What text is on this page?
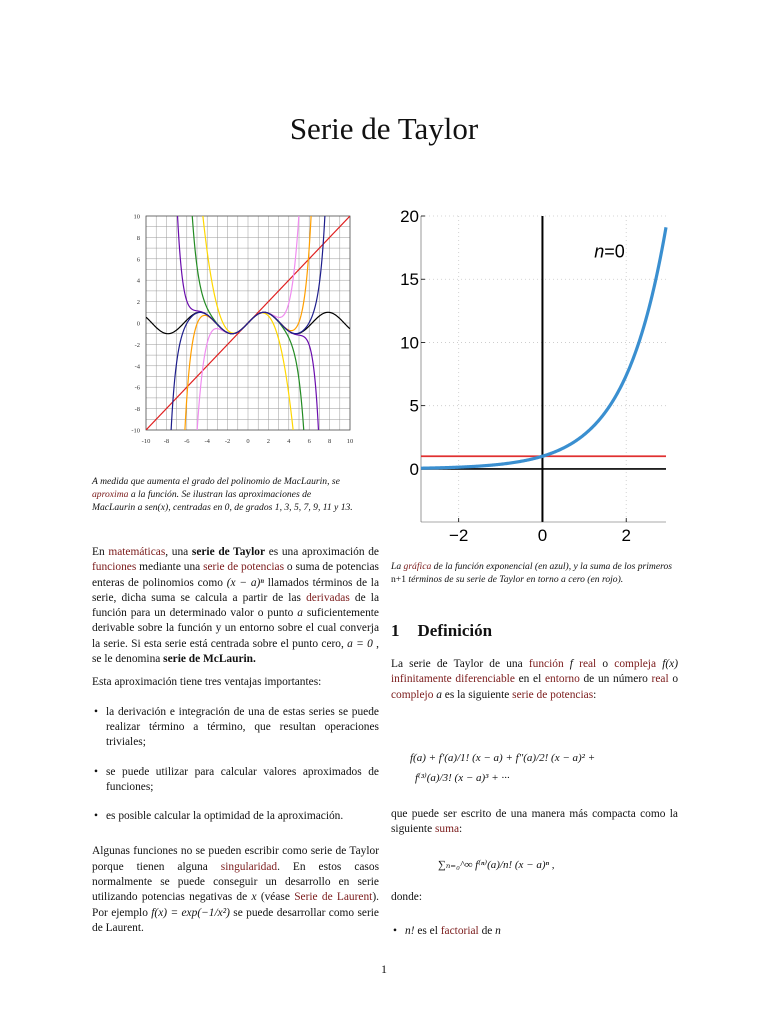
Serie de Taylor
-10 -8 -6 -4 -2 0	2	4	6	8 10
10
8
6
4
2
0
-2
-4
-6
-8
-10
−2	0	2
20
15
10
5
0
n=0
A medida que aumenta el grado del polinomio de MacLaurin, se aproxima a la función. Se ilustran las aproximaciones de MacLaurin a sen(x), centradas en 0, de grados 1, 3, 5, 7, 9, 11 y 13.

En matemáticas, una serie de Taylor es una aproximación de funciones mediante una serie de potencias o suma de potencias enteras de polinomios como (x − a)ⁿ llamados términos de la serie, dicha suma se calcula a partir de las derivadas de la función para un determinado valor o punto a suficientemente derivable sobre la función y un entorno sobre el cual converja la serie. Si esta serie está centrada sobre el punto cero, a = 0 , se le denomina serie de McLaurin.

Esta aproximación tiene tres ventajas importantes:

• la derivación e integración de una de estas series se puede realizar término a término, que resultan operaciones triviales;
• se puede utilizar para calcular valores aproximados de funciones;
• es posible calcular la optimidad de la aproximación.

Algunas funciones no se pueden escribir como serie de Taylor porque tienen alguna singularidad. En estos casos normalmente se puede conseguir un desarrollo en serie utilizando potencias negativas de x (véase Serie de Laurent). Por ejemplo f(x) = exp(−1/x²) se puede desarrollar como serie de Laurent.

La gráfica de la función exponencial (en azul), y la suma de los primeros n+1 términos de su serie de Taylor en torno a cero (en rojo).
1 Definición
La serie de Taylor de una función f real o compleja f(x) infinitamente diferenciable en el entorno de un número real o complejo a es la siguiente serie de potencias:
f(a) + f′(a)/1! (x − a) + f″(a)/2! (x − a)² +
f⁽³⁾(a)/3! (x − a)³ + ···
que puede ser escrito de una manera más compacta como la siguiente suma:
∑ₙ₌₀^∞ f⁽ⁿ⁾(a)/n! (x − a)ⁿ ,
donde:
• n! es el factorial de n
1
